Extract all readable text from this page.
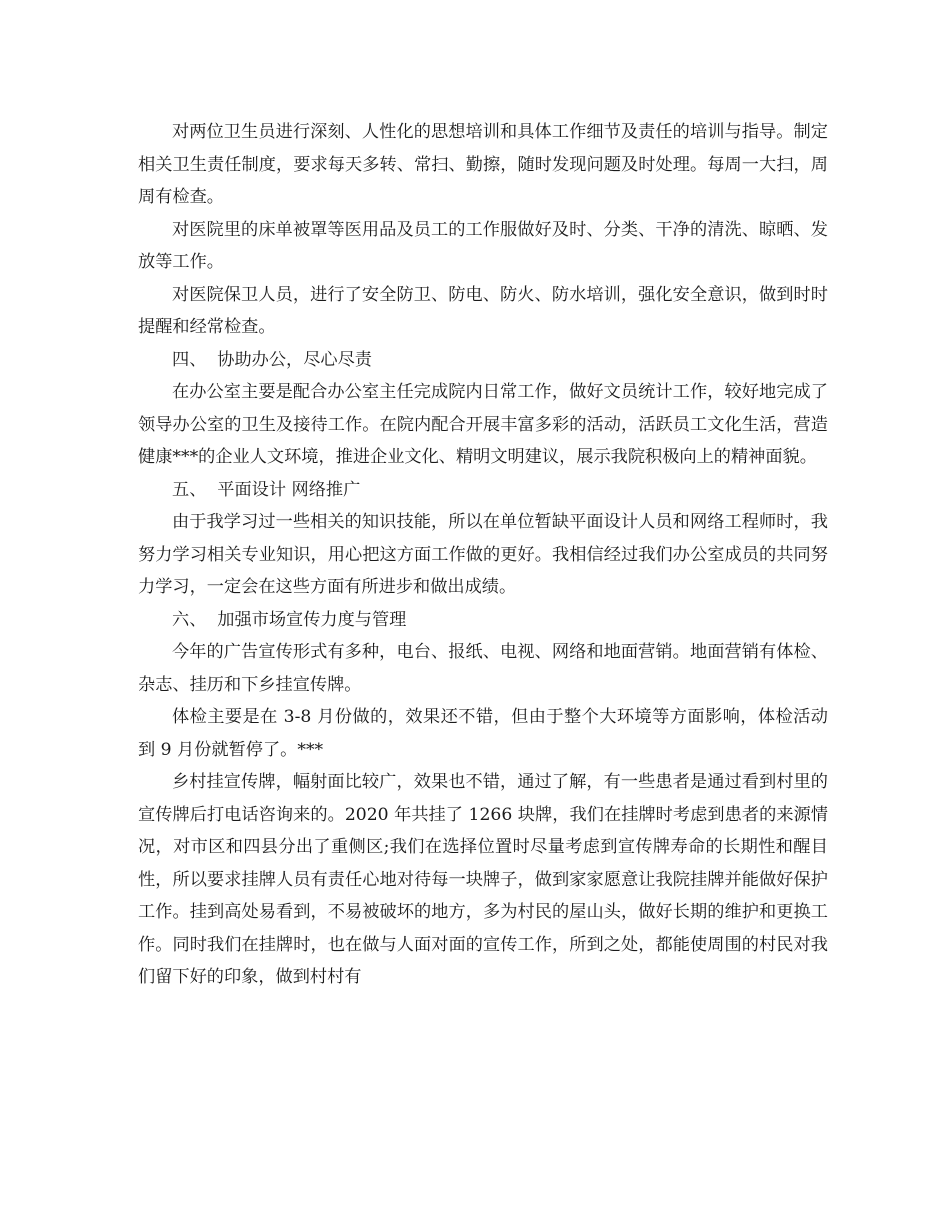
对两位卫生员进行深刻、人性化的思想培训和具体工作细节及责任的培训与指导。制定相关卫生责任制度，要求每天多转、常扫、勤擦，随时发现问题及时处理。每周一大扫，周周有检查。

对医院里的床单被罩等医用品及员工的工作服做好及时、分类、干净的清洗、晾晒、发放等工作。

对医院保卫人员，进行了安全防卫、防电、防火、防水培训，强化安全意识，做到时时提醒和经常检查。

四、  协助办公，尽心尽责

在办公室主要是配合办公室主任完成院内日常工作，做好文员统计工作，较好地完成了领导办公室的卫生及接待工作。在院内配合开展丰富多彩的活动，活跃员工文化生活，营造健康***的企业人文环境，推进企业文化、精明文明建议，展示我院积极向上的精神面貌。

五、  平面设计 网络推广

由于我学习过一些相关的知识技能，所以在单位暂缺平面设计人员和网络工程师时，我努力学习相关专业知识，用心把这方面工作做的更好。我相信经过我们办公室成员的共同努力学习，一定会在这些方面有所进步和做出成绩。

六、  加强市场宣传力度与管理

今年的广告宣传形式有多种，电台、报纸、电视、网络和地面营销。地面营销有体检、杂志、挂历和下乡挂宣传牌。

体检主要是在 3-8 月份做的，效果还不错，但由于整个大环境等方面影响，体检活动到 9 月份就暂停了。***

乡村挂宣传牌，幅射面比较广，效果也不错，通过了解，有一些患者是通过看到村里的宣传牌后打电话咨询来的。2020 年共挂了 1266 块牌，我们在挂牌时考虑到患者的来源情况，对市区和四县分出了重侧区;我们在选择位置时尽量考虑到宣传牌寿命的长期性和醒目性，所以要求挂牌人员有责任心地对待每一块牌子，做到家家愿意让我院挂牌并能做好保护工作。挂到高处易看到，不易被破坏的地方，多为村民的屋山头，做好长期的维护和更换工作。同时我们在挂牌时，也在做与人面对面的宣传工作，所到之处，都能使周围的村民对我们留下好的印象，做到村村有
